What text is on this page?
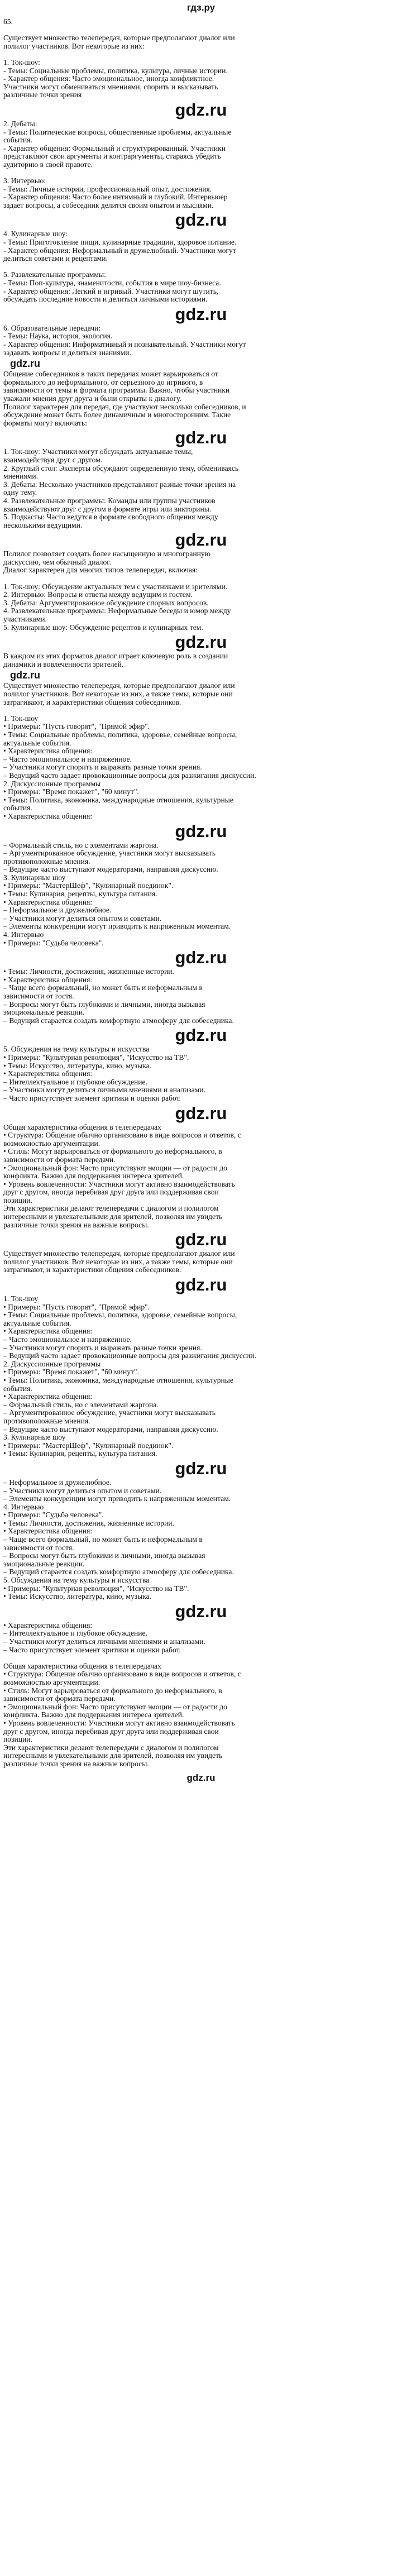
гдз.ру
65.
Существует множество телепередач, которые предполагают диалог или
полилог участников. Вот некоторые из них:
1. Ток-шоу:
- Темы: Социальные проблемы, политика, культура, личные истории.
- Характер общения: Часто эмоциональное, иногда конфликтное.
Участники могут обмениваться мнениями, спорить и высказывать
различные точки зрения
gdz.ru
2. Дебаты:
- Темы: Политические вопросы, общественные проблемы, актуальные
события.
- Характер общения: Формальный и структурированный. Участники
представляют свои аргументы и контраргументы, стараясь убедить
аудиторию в своей правоте.
3. Интервью:
- Темы: Личные истории, профессиональный опыт, достижения.
- Характер общения: Часто более интимный и глубокий. Интервьюер
задает вопросы, а собеседник делится своим опытом и мыслями.
gdz.ru
4. Кулинарные шоу:
- Темы: Приготовление пищи, кулинарные традиции, здоровое питание.
- Характер общения: Неформальный и дружелюбный. Участники могут
делиться советами и рецептами.
5. Развлекательные программы:
- Темы: Поп-культура, знаменитости, события в мире шоу-бизнеса.
- Характер общения: Легкий и игривый. Участники могут шутить,
обсуждать последние новости и делиться личными историями.
gdz.ru
6. Образовательные передачи:
- Темы: Наука, история, экология.
- Характер общения: Информативный и познавательный. Участники могут
задавать вопросы и делиться знаниями.
gdz.ru
Общение собеседников в таких передачах может варьироваться от
формального до неформального, от серьезного до игривого, в
зависимости от темы и формата программы. Важно, чтобы участники
уважали мнения друг друга и были открыты к диалогу.
Полилог характерен для передач, где участвуют несколько собеседников, и
обсуждение может быть более динамичным и многосторонним. Такие
форматы могут включать:
gdz.ru
1. Ток-шоу: Участники могут обсуждать актуальные темы,
взаимодействуя друг с другом.
2. Круглый стол: Эксперты обсуждают определенную тему, обмениваясь
мнениями.
3. Дебаты: Несколько участников представляют разные точки зрения на
одну тему.
4. Развлекательные программы: Команды или группы участников
взаимодействуют друг с другом в формате игры или викторины.
5. Подкасты: Часто ведутся в формате свободного общения между
несколькими ведущими.
gdz.ru
Полилог позволяет создать более насыщенную и многогранную
дискуссию, чем обычный диалог.
Диалог характерен для многих типов телепередач, включая:
1. Ток-шоу: Обсуждение актуальных тем с участниками и зрителями.
2. Интервью: Вопросы и ответы между ведущим и гостем.
3. Дебаты: Аргументированное обсуждение спорных вопросов.
4. Развлекательные программы: Неформальные беседы и юмор между
участниками.
5. Кулинарные шоу: Обсуждение рецептов и кулинарных тем.
gdz.ru
В каждом из этих форматов диалог играет ключевую роль в создании
динамики и вовлеченности зрителей.
gdz.ru
Существует множество телепередач, которые предполагают диалог или
полилог участников. Вот некоторые из них, а также темы, которые они
затрагивают, и характеристики общения собеседников.
1. Ток-шоу
• Примеры: "Пусть говорят", "Прямой эфир".
• Темы: Социальные проблемы, политика, здоровье, семейные вопросы,
актуальные события.
• Характеристика общения:
– Часто эмоциональное и напряженное.
– Участники могут спорить и выражать разные точки зрения.
– Ведущий часто задает провокационные вопросы для разжигания дискуссии.
2. Дискуссионные программы
• Примеры: "Время покажет", "60 минут".
• Темы: Политика, экономика, международные отношения, культурные
события.
• Характеристика общения:
gdz.ru
– Формальный стиль, но с элементами жаргона.
– Аргументированное обсуждение, участники могут высказывать
противоположные мнения.
– Ведущие часто выступают модераторами, направляя дискуссию.
3. Кулинарные шоу
• Примеры: "МастерШеф", "Кулинарный поединок".
• Темы: Кулинария, рецепты, культура питания.
• Характеристика общения:
– Неформальное и дружелюбное.
– Участники могут делиться опытом и советами.
– Элементы конкуренции могут приводить к напряженным моментам.
4. Интервью
• Примеры: "Судьба человека".
gdz.ru
• Темы: Личности, достижения, жизненные истории.
• Характеристика общения:
– Чаще всего формальный, но может быть и неформальным в
зависимости от гостя.
– Вопросы могут быть глубокими и личными, иногда вызывая
эмоциональные реакции.
– Ведущий старается создать комфортную атмосферу для собеседника.
gdz.ru
5. Обсуждения на тему культуры и искусства
• Примеры: "Культурная революция", "Искусство на ТВ".
• Темы: Искусство, литература, кино, музыка.
• Характеристика общения:
– Интеллектуальное и глубокое обсуждение.
– Участники могут делиться личными мнениями и анализами.
– Часто присутствует элемент критики и оценки работ.
gdz.ru
Общая характеристика общения в телепередачах
• Структура: Общение обычно организовано в виде вопросов и ответов, с
возможностью аргументации.
• Стиль: Могут варьироваться от формального до неформального, в
зависимости от формата передачи.
• Эмоциональный фон: Часто присутствуют эмоции — от радости до
конфликта. Важно для поддержания интереса зрителей.
• Уровень вовлеченности: Участники могут активно взаимодействовать
друг с другом, иногда перебивая друг друга или поддерживая свои
позиции.
Эти характеристики делают телепередачи с диалогом и полилогом
интересными и увлекательными для зрителей, позволяя им увидеть
различные точки зрения на важные вопросы.
gdz.ru
Существует множество телепередач, которые предполагают диалог или
полилог участников. Вот некоторые из них, а также темы, которые они
затрагивают, и характеристики общения собеседников.
gdz.ru
1. Ток-шоу
• Примеры: "Пусть говорят", "Прямой эфир".
• Темы: Социальные проблемы, политика, здоровье, семейные вопросы,
актуальные события.
• Характеристика общения:
– Часто эмоциональное и напряженное.
– Участники могут спорить и выражать разные точки зрения.
– Ведущий часто задает провокационные вопросы для разжигания дискуссии.
2. Дискуссионные программы
• Примеры: "Время покажет", "60 минут".
• Темы: Политика, экономика, международные отношения, культурные
события.
• Характеристика общения:
– Формальный стиль, но с элементами жаргона.
– Аргументированное обсуждение, участники могут высказывать
противоположные мнения.
– Ведущие часто выступают модераторами, направляя дискуссию.
3. Кулинарные шоу
• Примеры: "МастерШеф", "Кулинарный поединок".
• Темы: Кулинария, рецепты, культура питания.
gdz.ru
– Неформальное и дружелюбное.
– Участники могут делиться опытом и советами.
– Элементы конкуренции могут приводить к напряженным моментам.
4. Интервью
• Примеры: "Судьба человека".
• Темы: Личности, достижения, жизненные истории.
• Характеристика общения:
– Чаще всего формальный, но может быть и неформальным в
зависимости от гостя.
– Вопросы могут быть глубокими и личными, иногда вызывая
эмоциональные реакции.
– Ведущий старается создать комфортную атмосферу для собеседника.
5. Обсуждения на тему культуры и искусства
• Примеры: "Культурная революция", "Искусство на ТВ".
• Темы: Искусство, литература, кино, музыка.
gdz.ru
• Характеристика общения:
– Интеллектуальное и глубокое обсуждение.
– Участники могут делиться личными мнениями и анализами.
– Часто присутствует элемент критики и оценки работ.
Общая характеристика общения в телепередачах
• Структура: Общение обычно организовано в виде вопросов и ответов, с
возможностью аргументации.
• Стиль: Могут варьироваться от формального до неформального, в
зависимости от формата передачи.
• Эмоциональный фон: Часто присутствуют эмоции — от радости до
конфликта. Важно для поддержания интереса зрителей.
• Уровень вовлеченности: Участники могут активно взаимодействовать
друг с другом, иногда перебивая друг друга или поддерживая свои
позиции.
Эти характеристики делают телепередачи с диалогом и полилогом
интересными и увлекательными для зрителей, позволяя им увидеть
различные точки зрения на важные вопросы.
gdz.ru
